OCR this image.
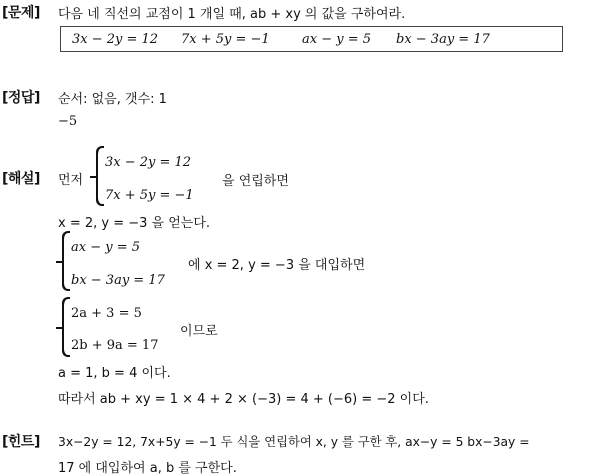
[문제] 다음 네 직선의 교점이 1 개일 때, ab + xy 의 값을 구하여라.
3x − 2y = 12 7x + 5y = −1 ax − y = 5 bx − 3ay = 17
[정답] 순서: 없음, 갯수: 1
−5
[해설] 먼저
3x − 2y = 12
7x + 5y = −1
을 연립하면
x = 2, y = −3 을 얻는다.
ax − y = 5
bx − 3ay = 17
에 x = 2, y = −3 을 대입하면
2a + 3 = 5
2b + 9a = 17
이므로
a = 1, b = 4 이다.
따라서 ab + xy = 1 × 4 + 2 × (−3) = 4 + (−6) = −2 이다.
[힌트] 3x−2y = 12, 7x+5y = −1 두 식을 연립하여 x, y 를 구한 후, ax−y = 5 bx−3ay =
17 에 대입하여 a, b 를 구한다.
